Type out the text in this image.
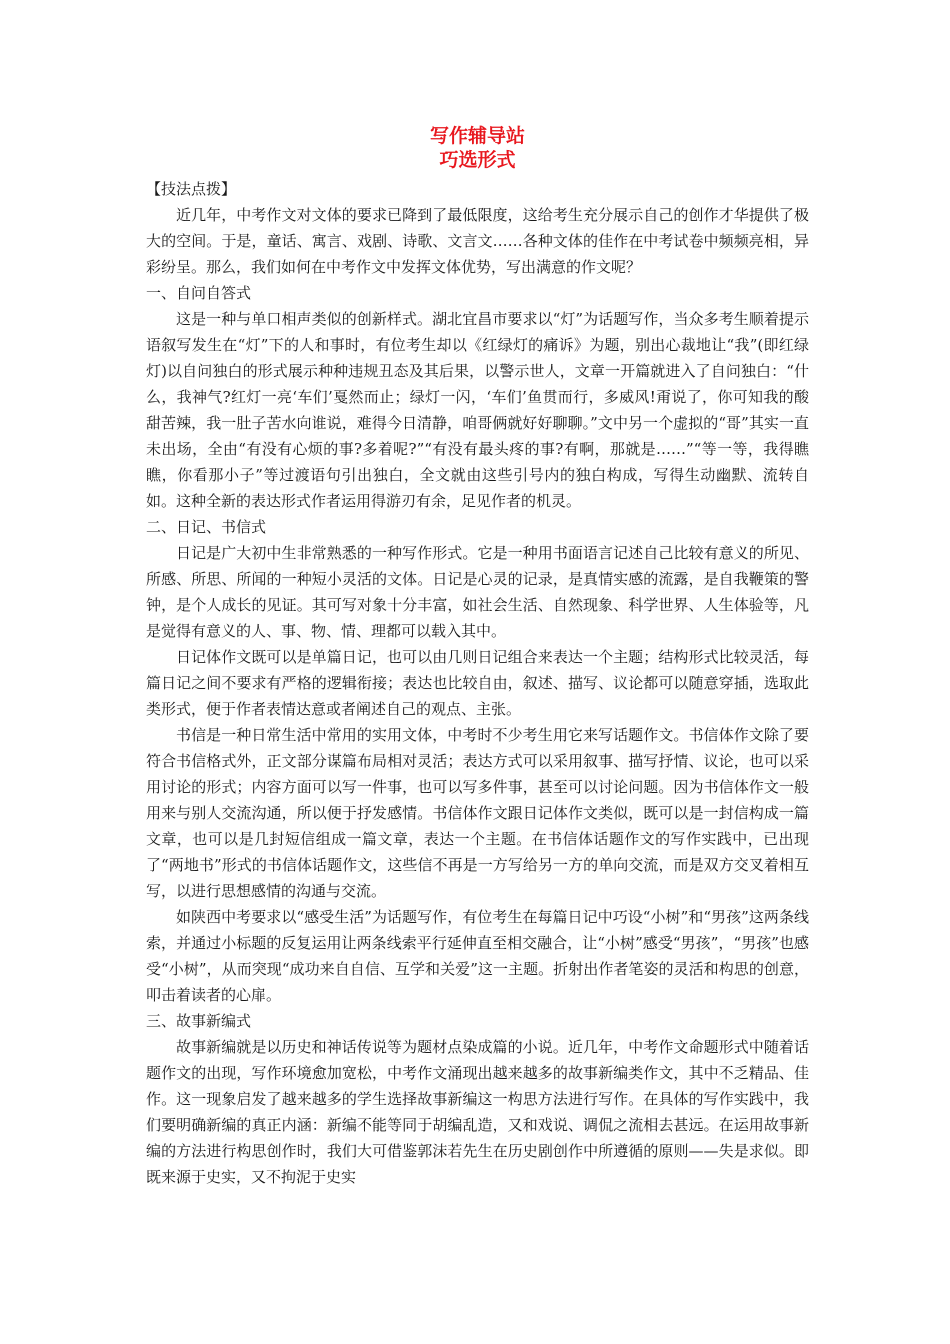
写作辅导站
巧选形式
【技法点拨】

近几年，中考作文对文体的要求已降到了最低限度，这给考生充分展示自己的创作才华提供了极大的空间。于是，童话、寓言、戏剧、诗歌、文言文……各种文体的佳作在中考试卷中频频亮相，异彩纷呈。那么，我们如何在中考作文中发挥文体优势，写出满意的作文呢？

一、自问自答式

这是一种与单口相声类似的创新样式。湖北宜昌市要求以“灯”为话题写作，当众多考生顺着提示语叙写发生在“灯”下的人和事时，有位考生却以《红绿灯的痛诉》为题，别出心裁地让“我”(即红绿灯)以自问独白的形式展示种种违规丑态及其后果，以警示世人，文章一开篇就进入了自问独白：“什么，我神气?红灯一亮‘车们’戛然而止；绿灯一闪，‘车们’鱼贯而行，多威风!甭说了，你可知我的酸甜苦辣，我一肚子苦水向谁说，难得今日清静，咱哥俩就好好聊聊。”文中另一个虚拟的“哥”其实一直未出场，全由“有没有心烦的事?多着呢?”“有没有最头疼的事?有啊，那就是……”“等一等，我得瞧瞧，你看那小子”等过渡语句引出独白，全文就由这些引号内的独白构成，写得生动幽默、流转自如。这种全新的表达形式作者运用得游刃有余，足见作者的机灵。

二、日记、书信式

日记是广大初中生非常熟悉的一种写作形式。它是一种用书面语言记述自己比较有意义的所见、所感、所思、所闻的一种短小灵活的文体。日记是心灵的记录，是真情实感的流露，是自我鞭策的警钟，是个人成长的见证。其可写对象十分丰富，如社会生活、自然现象、科学世界、人生体验等，凡是觉得有意义的人、事、物、情、理都可以载入其中。

日记体作文既可以是单篇日记，也可以由几则日记组合来表达一个主题；结构形式比较灵活，每篇日记之间不要求有严格的逻辑衔接；表达也比较自由，叙述、描写、议论都可以随意穿插，选取此类形式，便于作者表情达意或者阐述自己的观点、主张。

书信是一种日常生活中常用的实用文体，中考时不少考生用它来写话题作文。书信体作文除了要符合书信格式外，正文部分谋篇布局相对灵活；表达方式可以采用叙事、描写抒情、议论，也可以采用讨论的形式；内容方面可以写一件事，也可以写多件事，甚至可以讨论问题。因为书信体作文一般用来与别人交流沟通，所以便于抒发感情。书信体作文跟日记体作文类似，既可以是一封信构成一篇文章，也可以是几封短信组成一篇文章，表达一个主题。在书信体话题作文的写作实践中，已出现了“两地书”形式的书信体话题作文，这些信不再是一方写给另一方的单向交流，而是双方交叉着相互写，以进行思想感情的沟通与交流。

如陕西中考要求以“感受生活”为话题写作，有位考生在每篇日记中巧设“小树”和“男孩”这两条线索，并通过小标题的反复运用让两条线索平行延伸直至相交融合，让“小树”感受“男孩”，“男孩”也感受“小树”，从而突现“成功来自自信、互学和关爱”这一主题。折射出作者笔姿的灵活和构思的创意，叩击着读者的心扉。

三、故事新编式

故事新编就是以历史和神话传说等为题材点染成篇的小说。近几年，中考作文命题形式中随着话题作文的出现，写作环境愈加宽松，中考作文涌现出越来越多的故事新编类作文，其中不乏精品、佳作。这一现象启发了越来越多的学生选择故事新编这一构思方法进行写作。在具体的写作实践中，我们要明确新编的真正内涵：新编不能等同于胡编乱造，又和戏说、调侃之流相去甚远。在运用故事新编的方法进行构思创作时，我们大可借鉴郭沫若先生在历史剧创作中所遵循的原则——失是求似。即既来源于史实，又不拘泥于史实
